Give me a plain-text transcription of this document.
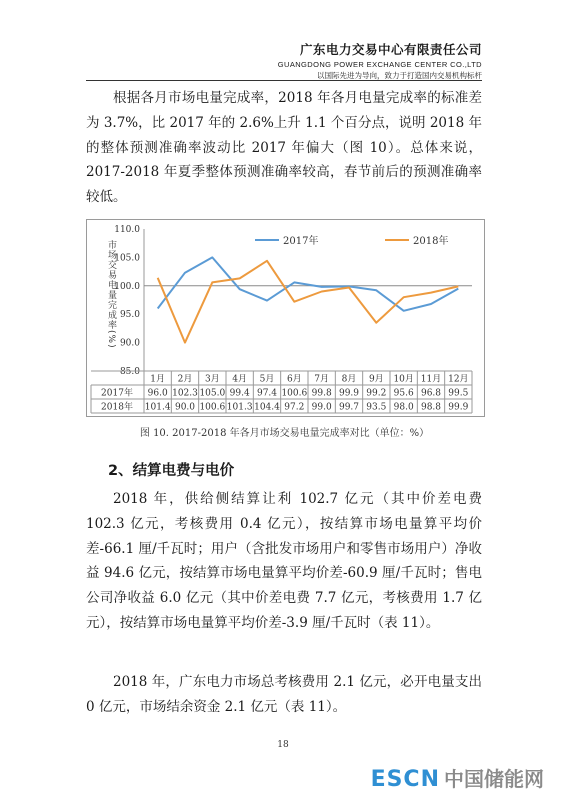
广东电力交易中心有限责任公司
GUANGDONG POWER EXCHANGE CENTER CO.,LTD
以国际先进为导向，致力于打造国内交易机构标杆

根据各月市场电量完成率，2018 年各月电量完成率的标准差为 3.7%，比 2017 年的 2.6%上升 1.1 个百分点，说明 2018 年的整体预测准确率波动比 2017 年偏大（图 10）。总体来说，2017-2018 年夏季整体预测准确率较高，春节前后的预测准确率较低。

110.0
105.0
100.0
95.0
90.0
85.0
市场交易电量完成率(%)	2017年	2018年
1月 2月 3月 4月 5月 6月 7月 8月 9月 10月 11月 12月
2017年 96.0 102.3 105.0 99.4 97.4 100.6 99.8 99.9 99.2 95.6 96.8 99.5
2018年 101.4 90.0 100.6 101.3 104.4 97.2 99.0 99.7 93.5 98.0 98.8 99.9
图 10. 2017-2018 年各月市场交易电量完成率对比（单位：%）
2、结算电费与电价

2018 年，供给侧结算让利 102.7 亿元（其中价差电费 102.3 亿元，考核费用 0.4 亿元），按结算市场电量算平均价差-66.1 厘/千瓦时；用户（含批发市场用户和零售市场用户）净收益 94.6 亿元，按结算市场电量算平均价差-60.9 厘/千瓦时；售电公司净收益 6.0 亿元（其中价差电费 7.7 亿元，考核费用 1.7 亿元），按结算市场电量算平均价差-3.9 厘/千瓦时（表 11）。

2018 年，广东电力市场总考核费用 2.1 亿元，必开电量支出 0 亿元，市场结余资金 2.1 亿元（表 11）。

18
ESCN 中国储能网
